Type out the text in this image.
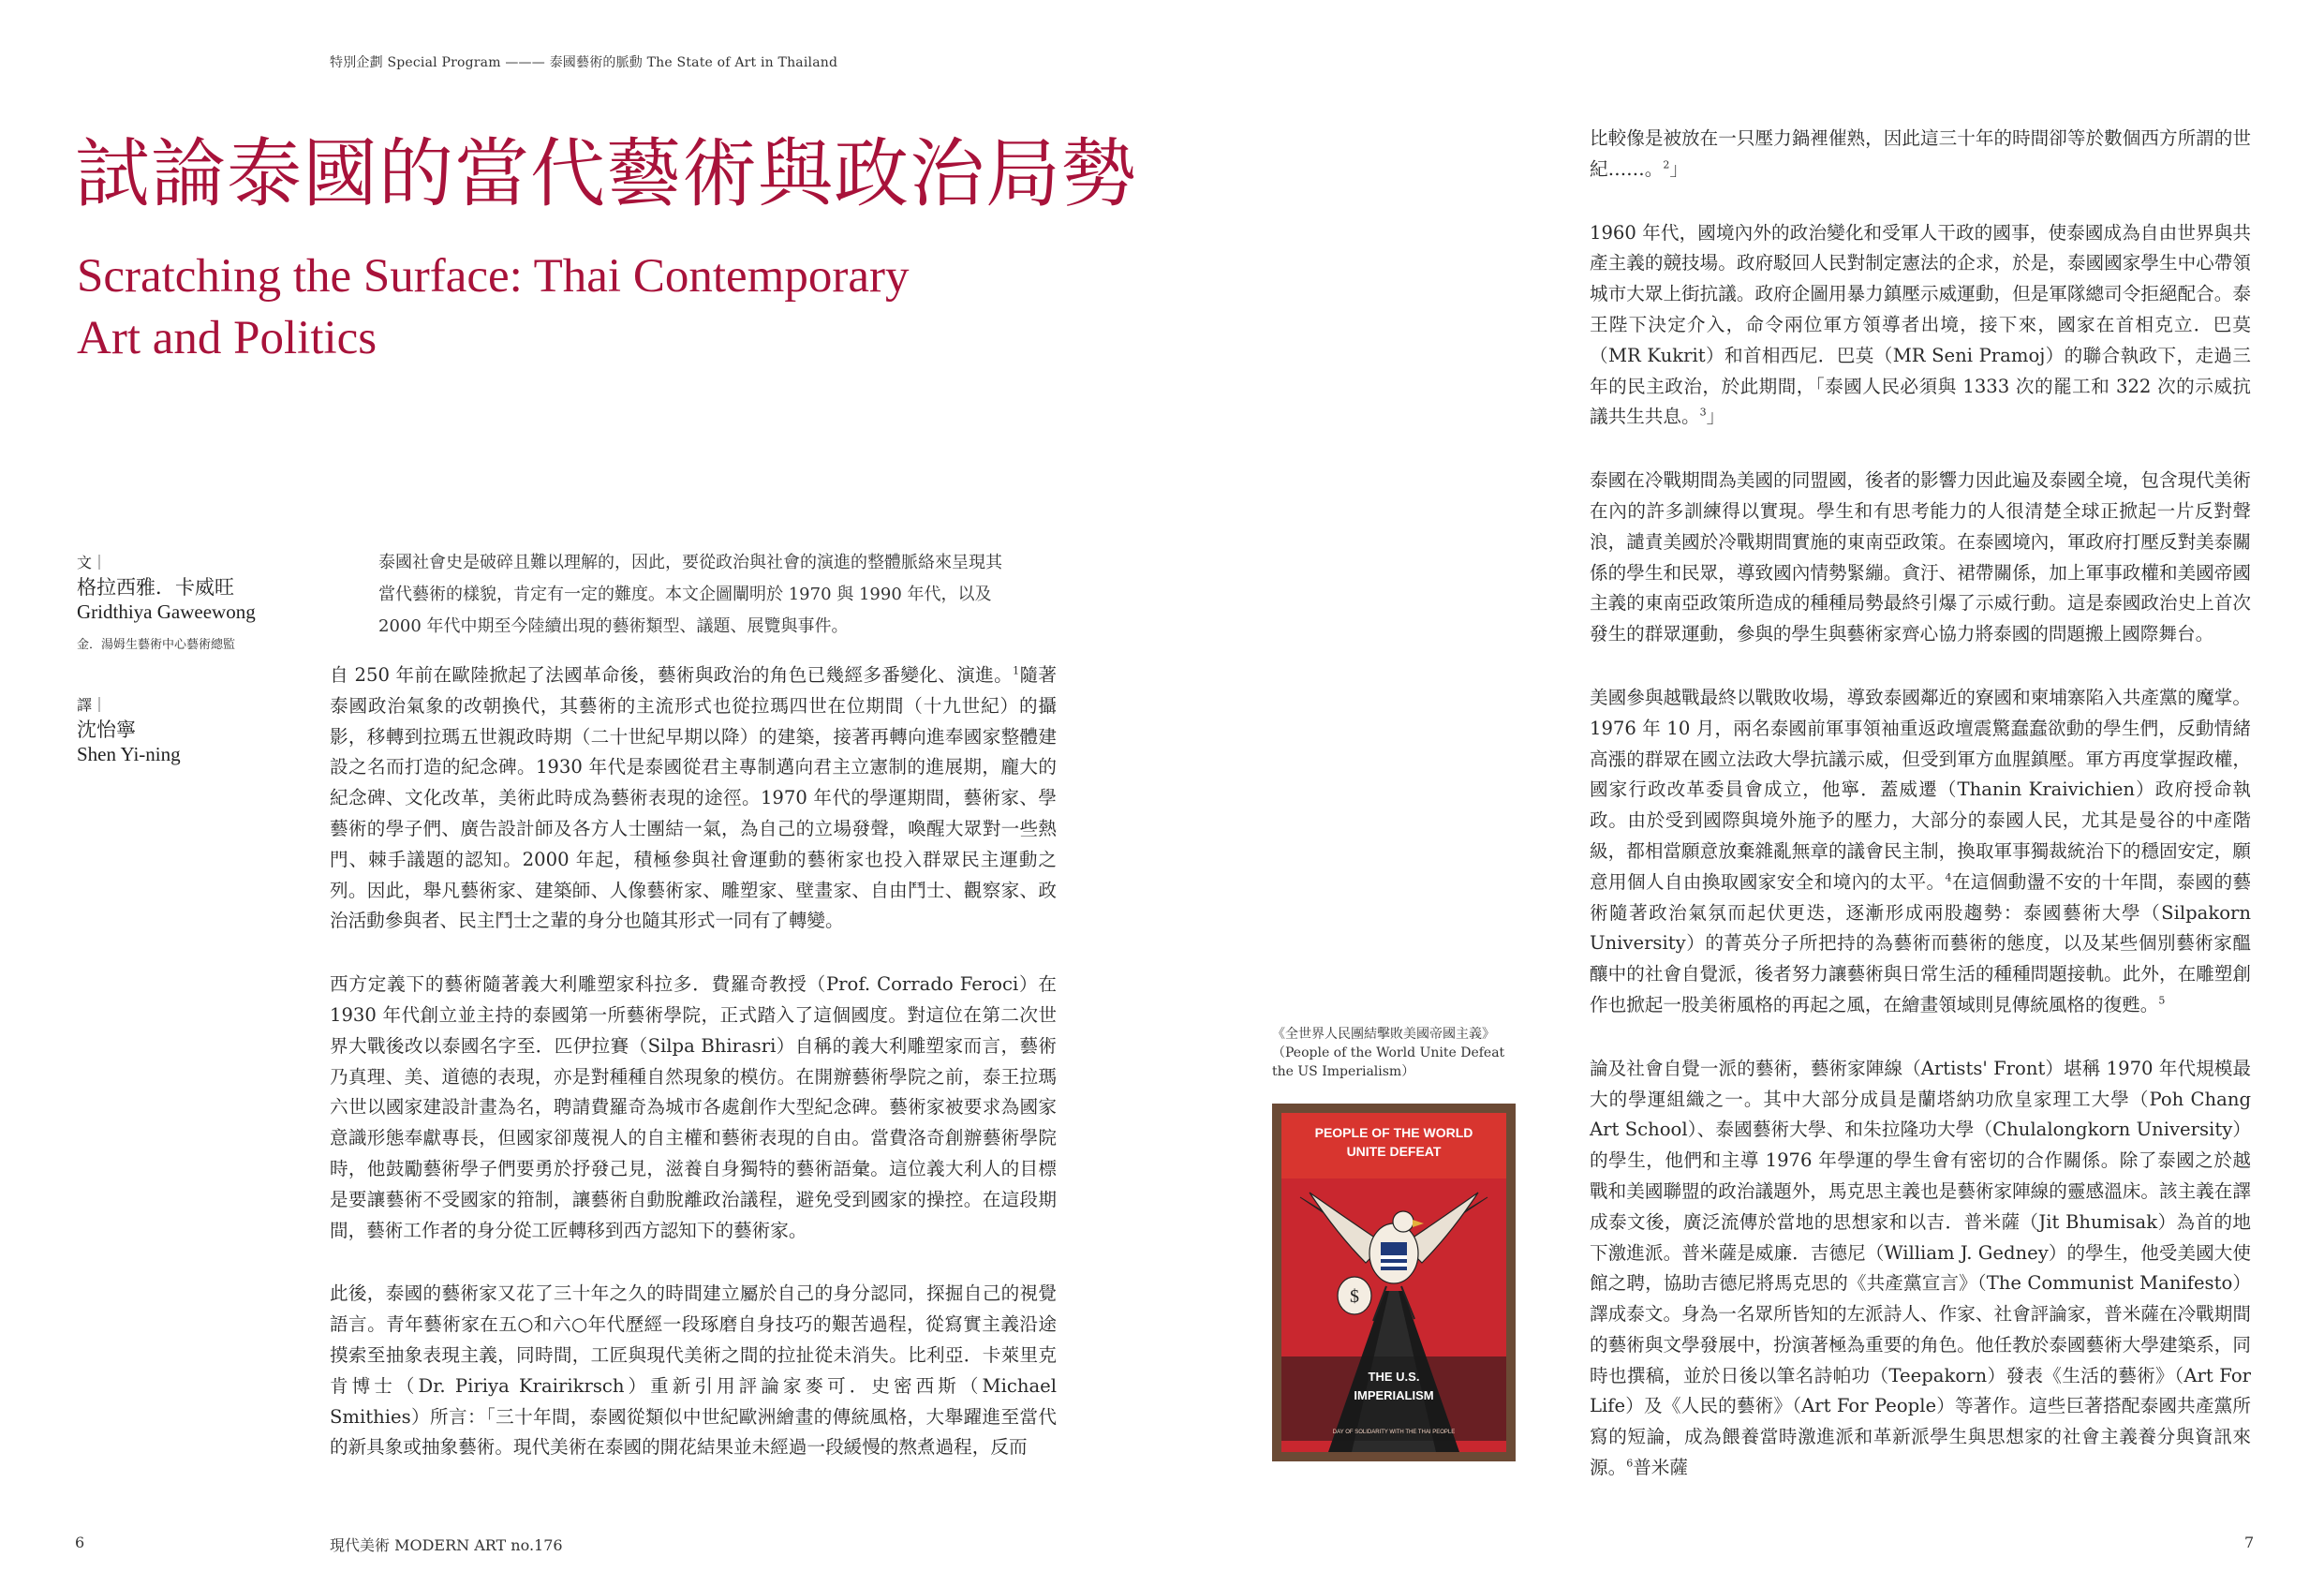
特別企劃 Special Program ——— 泰國藝術的脈動 The State of Art in Thailand
試論泰國的當代藝術與政治局勢
Scratching the Surface: Thai Contemporary
Art and Politics
文｜
格拉西雅．卡威旺
Gridthiya Gaweewong
金．湯姆生藝術中心藝術總監
譯｜
沈怡寧
Shen Yi-ning
泰國社會史是破碎且難以理解的，因此，要從政治與社會的演進的整體脈絡來呈現其當代藝術的樣貌，肯定有一定的難度。本文企圖闡明於 1970 與 1990 年代，以及 2000 年代中期至今陸續出現的藝術類型、議題、展覽與事件。

自 250 年前在歐陸掀起了法國革命後，藝術與政治的角色已幾經多番變化、演進。$^1$隨著泰國政治氣象的改朝換代，其藝術的主流形式也從拉瑪四世在位期間（十九世紀）的攝影，移轉到拉瑪五世親政時期（二十世紀早期以降）的建築，接著再轉向進奉國家整體建設之名而打造的紀念碑。1930 年代是泰國從君主專制邁向君主立憲制的進展期，龐大的紀念碑、文化改革，美術此時成為藝術表現的途徑。1970 年代的學運期間，藝術家、學藝術的學子們、廣告設計師及各方人士團結一氣，為自己的立場發聲，喚醒大眾對一些熱門、棘手議題的認知。2000 年起，積極參與社會運動的藝術家也投入群眾民主運動之列。因此，舉凡藝術家、建築師、人像藝術家、雕塑家、壁畫家、自由鬥士、觀察家、政治活動參與者、民主鬥士之輩的身分也隨其形式一同有了轉變。

西方定義下的藝術隨著義大利雕塑家科拉多．費羅奇教授（Prof. Corrado Feroci）在 1930 年代創立並主持的泰國第一所藝術學院，正式踏入了這個國度。對這位在第二次世界大戰後改以泰國名字至．匹伊拉賽（Silpa Bhirasri）自稱的義大利雕塑家而言，藝術乃真理、美、道德的表現，亦是對種種自然現象的模仿。在開辦藝術學院之前，泰王拉瑪六世以國家建設計畫為名，聘請費羅奇為城市各處創作大型紀念碑。藝術家被要求為國家意識形態奉獻專長，但國家卻蔑視人的自主權和藝術表現的自由。當費洛奇創辦藝術學院時，他鼓勵藝術學子們要勇於抒發己見，滋養自身獨特的藝術語彙。這位義大利人的目標是要讓藝術不受國家的箝制，讓藝術自動脫離政治議程，避免受到國家的操控。在這段期間，藝術工作者的身分從工匠轉移到西方認知下的藝術家。

此後，泰國的藝術家又花了三十年之久的時間建立屬於自己的身分認同，探掘自己的視覺語言。青年藝術家在五○和六○年代歷經一段琢磨自身技巧的艱苦過程，從寫實主義沿途摸索至抽象表現主義，同時間，工匠與現代美術之間的拉扯從未消失。比利亞．卡萊里克肯博士（Dr. Piriya Krairikrsch）重新引用評論家麥可．史密西斯（Michael Smithies）所言：「三十年間，泰國從類似中世紀歐洲繪畫的傳統風格，大舉躍進至當代的新具象或抽象藝術。現代美術在泰國的開花結果並未經過一段緩慢的熬煮過程，反而

6	現代美術 MODERN ART no.176
《全世界人民團結擊敗美國帝國主義》
（People of the World Unite Defeat
the US Imperialism）
PEOPLE OF THE WORLD
UNITE DEFEAT
$
THE U.S.
IMPERIALISM
DAY OF SOLIDARITY WITH THE THAI PEOPLE

比較像是被放在一只壓力鍋裡催熟，因此這三十年的時間卻等於數個西方所謂的世紀……。$^2$」

1960 年代，國境內外的政治變化和受軍人干政的國事，使泰國成為自由世界與共產主義的競技場。政府駁回人民對制定憲法的企求，於是，泰國國家學生中心帶領城市大眾上街抗議。政府企圖用暴力鎮壓示威運動，但是軍隊總司令拒絕配合。泰王陛下決定介入，命令兩位軍方領導者出境，接下來，國家在首相克立．巴莫（MR Kukrit）和首相西尼．巴莫（MR Seni Pramoj）的聯合執政下，走過三年的民主政治，於此期間，「泰國人民必須與 1333 次的罷工和 322 次的示威抗議共生共息。$^3$」

泰國在冷戰期間為美國的同盟國，後者的影響力因此遍及泰國全境，包含現代美術在內的許多訓練得以實現。學生和有思考能力的人很清楚全球正掀起一片反對聲浪，譴責美國於冷戰期間實施的東南亞政策。在泰國境內，軍政府打壓反對美泰關係的學生和民眾，導致國內情勢緊繃。貪汙、裙帶關係，加上軍事政權和美國帝國主義的東南亞政策所造成的種種局勢最終引爆了示威行動。這是泰國政治史上首次發生的群眾運動，參與的學生與藝術家齊心協力將泰國的問題搬上國際舞台。

美國參與越戰最終以戰敗收場，導致泰國鄰近的寮國和柬埔寨陷入共產黨的魔掌。1976 年 10 月，兩名泰國前軍事領袖重返政壇震驚蠢蠢欲動的學生們，反動情緒高漲的群眾在國立法政大學抗議示威，但受到軍方血腥鎮壓。軍方再度掌握政權，國家行政改革委員會成立，他寧．蓋威遷（Thanin Kraivichien）政府授命執政。由於受到國際與境外施予的壓力，大部分的泰國人民，尤其是曼谷的中產階級，都相當願意放棄雜亂無章的議會民主制，換取軍事獨裁統治下的穩固安定，願意用個人自由換取國家安全和境內的太平。$^4$在這個動盪不安的十年間，泰國的藝術隨著政治氣氛而起伏更迭，逐漸形成兩股趨勢：泰國藝術大學（Silpakorn University）的菁英分子所把持的為藝術而藝術的態度，以及某些個別藝術家醞釀中的社會自覺派，後者努力讓藝術與日常生活的種種問題接軌。此外，在雕塑創作也掀起一股美術風格的再起之風，在繪畫領域則見傳統風格的復甦。$^5$

論及社會自覺一派的藝術，藝術家陣線（Artists' Front）堪稱 1970 年代規模最大的學運組織之一。其中大部分成員是蘭塔納功欣皇家理工大學（Poh Chang Art School）、泰國藝術大學、和朱拉隆功大學（Chulalongkorn University）的學生，他們和主導 1976 年學運的學生會有密切的合作關係。除了泰國之於越戰和美國聯盟的政治議題外，馬克思主義也是藝術家陣線的靈感溫床。該主義在譯成泰文後，廣泛流傳於當地的思想家和以吉．普米薩（Jit Bhumisak）為首的地下激進派。普米薩是威廉．吉德尼（William J. Gedney）的學生，他受美國大使館之聘，協助吉德尼將馬克思的《共產黨宣言》（The Communist Manifesto）譯成泰文。身為一名眾所皆知的左派詩人、作家、社會評論家，普米薩在冷戰期間的藝術與文學發展中，扮演著極為重要的角色。他任教於泰國藝術大學建築系，同時也撰稿，並於日後以筆名詩帕功（Teepakorn）發表《生活的藝術》（Art For Life）及《人民的藝術》（Art For People）等著作。這些巨著搭配泰國共產黨所寫的短論，成為餵養當時激進派和革新派學生與思想家的社會主義養分與資訊來源。$^6$普米薩

7
